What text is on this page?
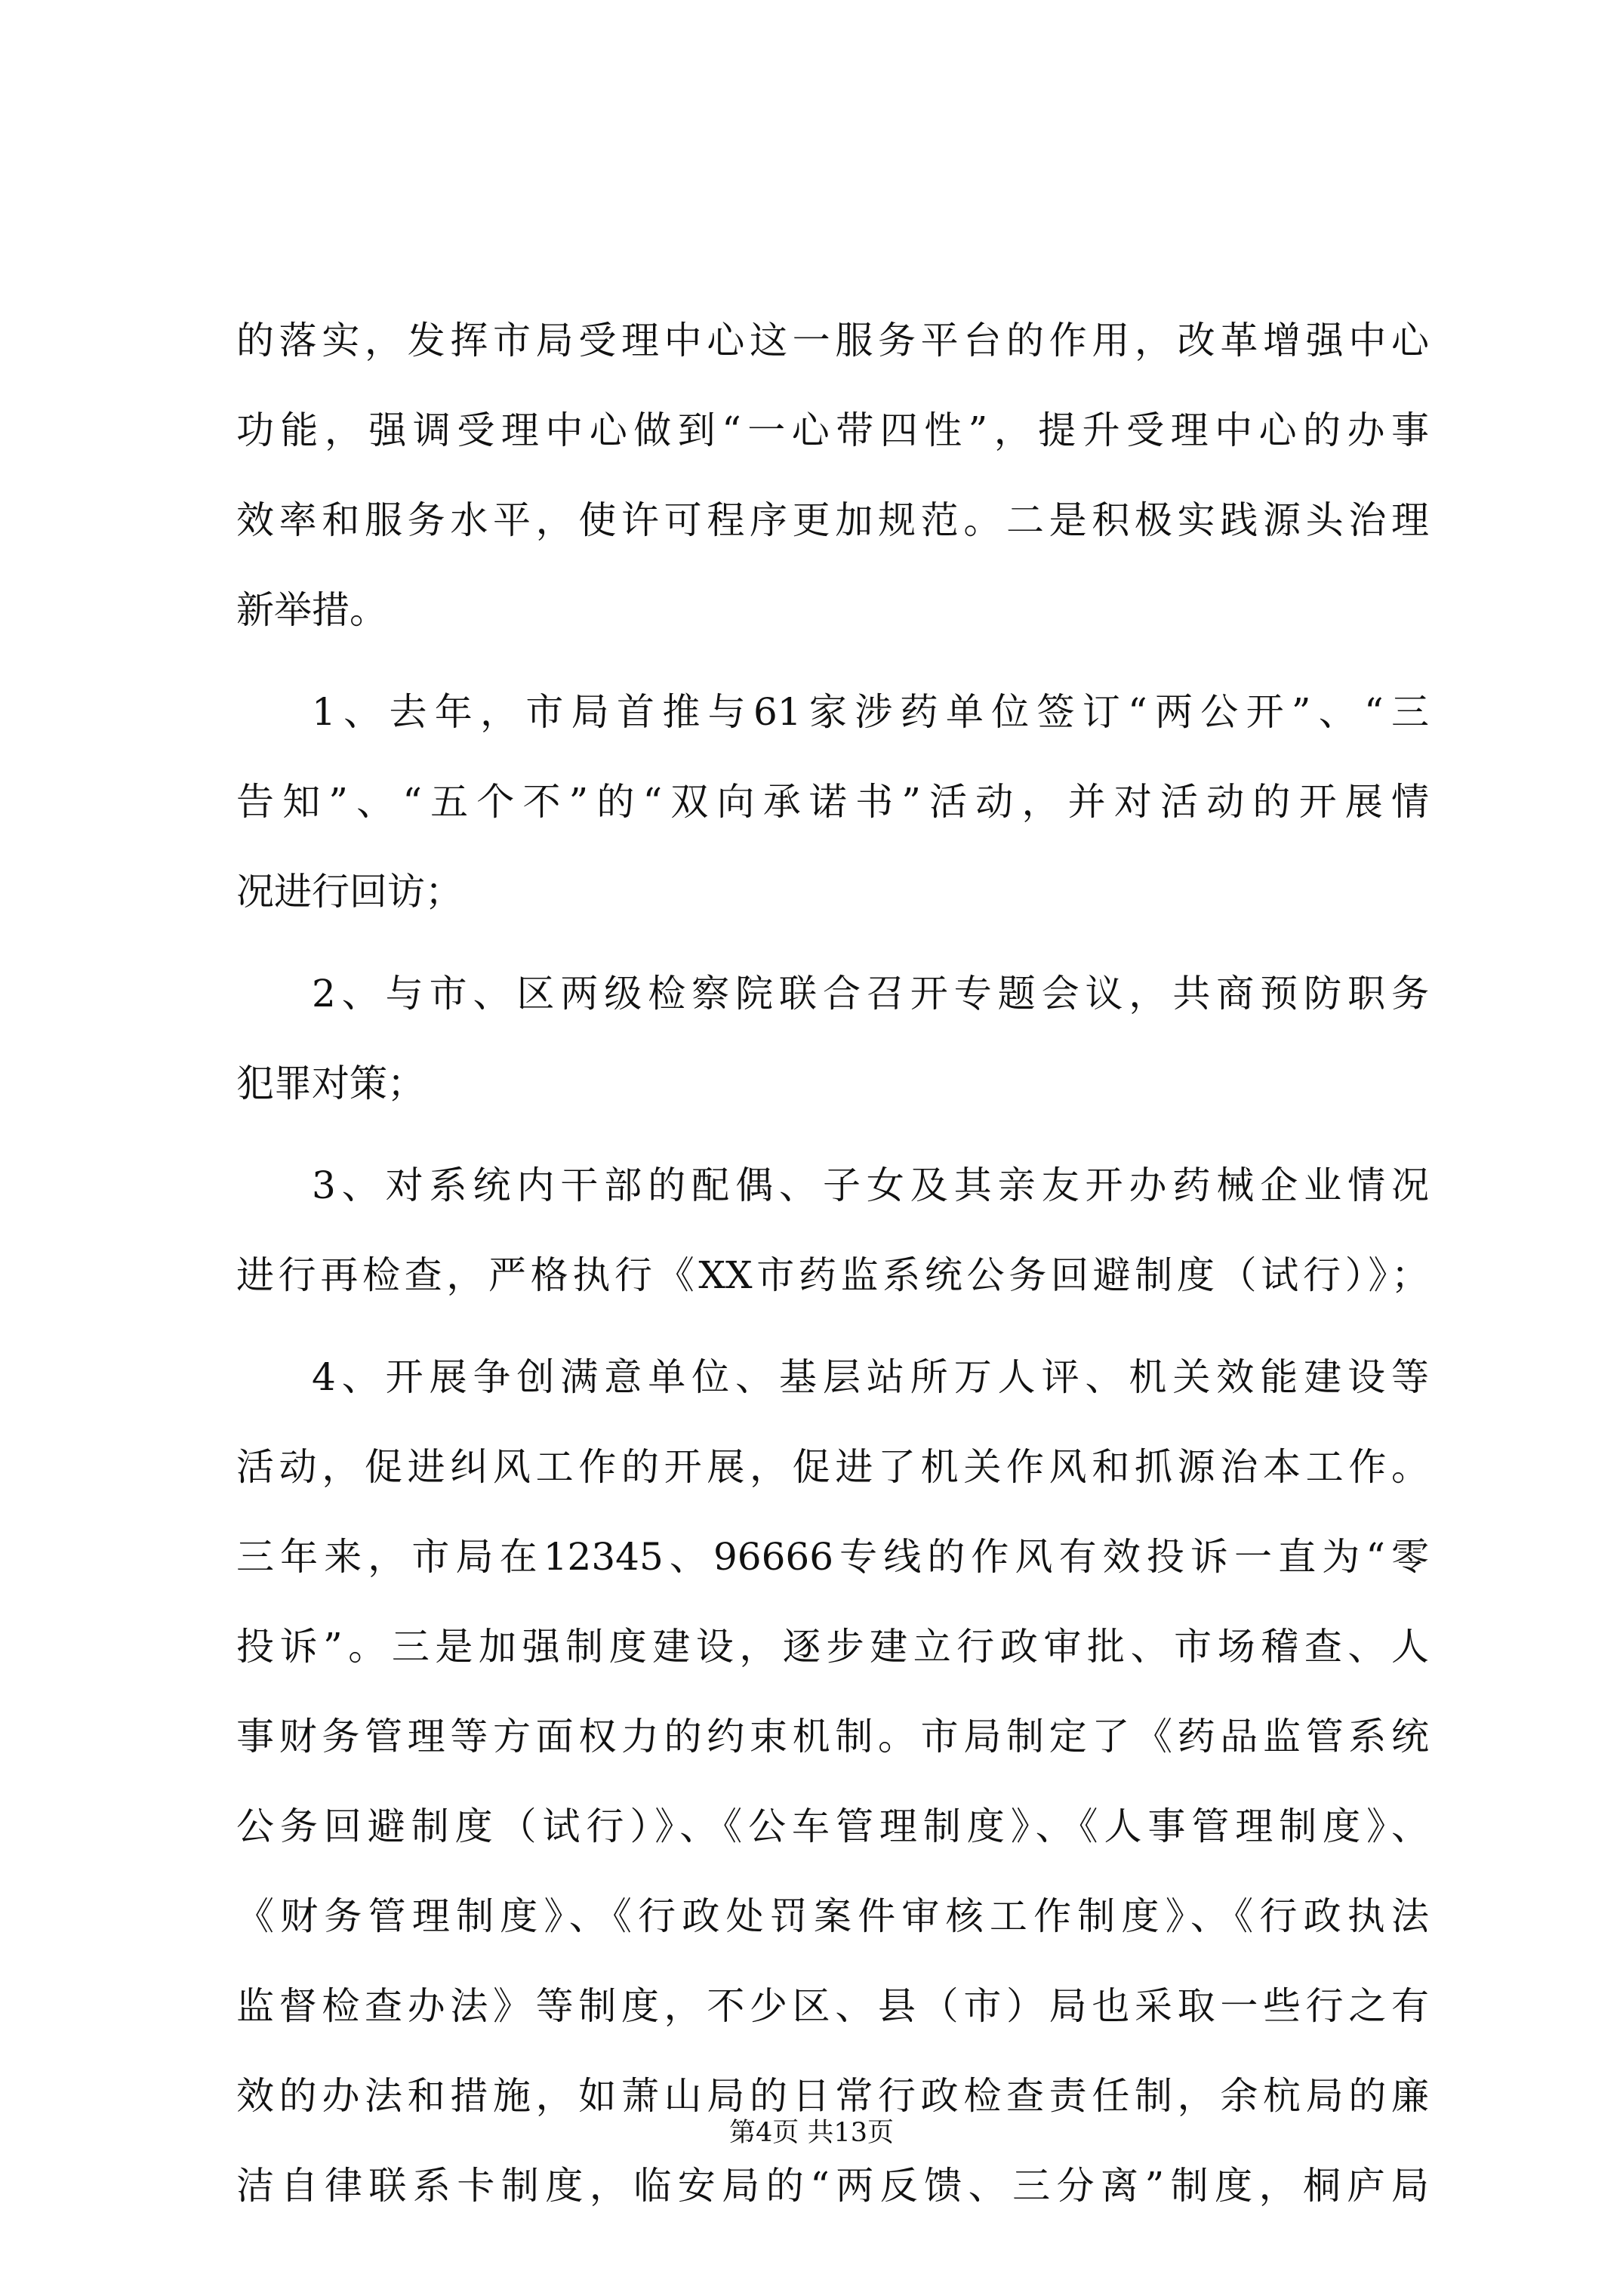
的落实，发挥市局受理中心这一服务平台的作用，改革增强中心
功能，强调受理中心做到“一心带四性”，提升受理中心的办事
效率和服务水平，使许可程序更加规范。二是积极实践源头治理
新举措。
1、去年，市局首推与61家涉药单位签订“两公开”、“三
告知”、“五个不”的“双向承诺书”活动，并对活动的开展情
况进行回访；
2、与市、区两级检察院联合召开专题会议，共商预防职务
犯罪对策；
3、对系统内干部的配偶、子女及其亲友开办药械企业情况
进行再检查，严格执行《XX市药监系统公务回避制度（试行）》；
4、开展争创满意单位、基层站所万人评、机关效能建设等
活动，促进纠风工作的开展，促进了机关作风和抓源治本工作。
三年来，市局在12345、96666专线的作风有效投诉一直为“零
投诉”。三是加强制度建设，逐步建立行政审批、市场稽查、人
事财务管理等方面权力的约束机制。市局制定了《药品监管系统
公务回避制度（试行）》、《公车管理制度》、《人事管理制度》、
《财务管理制度》、《行政处罚案件审核工作制度》、《行政执法
监督检查办法》等制度，不少区、县（市）局也采取一些行之有
效的办法和措施，如萧山局的日常行政检查责任制，余杭局的廉
洁自律联系卡制度，临安局的“两反馈、三分离”制度，桐庐局
第4页 共13页
